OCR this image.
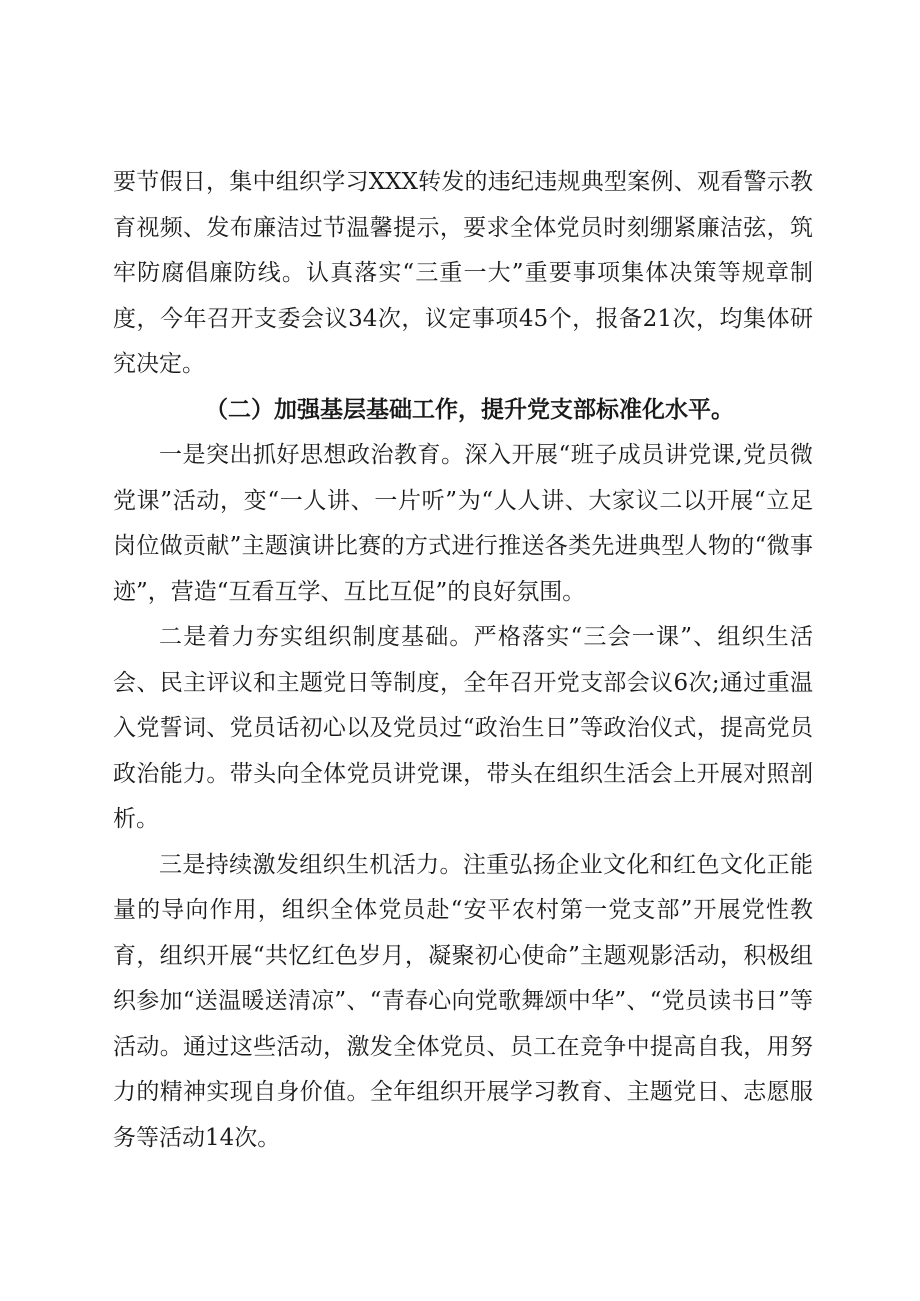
要节假日，集中组织学习XXX转发的违纪违规典型案例、观看警示教育视频、发布廉洁过节温馨提示，要求全体党员时刻绷紧廉洁弦，筑牢防腐倡廉防线。认真落实“三重一大”重要事项集体决策等规章制度，今年召开支委会议34次，议定事项45个，报备21次，均集体研究决定。

（二）加强基层基础工作，提升党支部标准化水平。

一是突出抓好思想政治教育。深入开展“班子成员讲党课,党员微党课”活动，变“一人讲、一片听”为“人人讲、大家议二以开展“立足岗位做贡献”主题演讲比赛的方式进行推送各类先进典型人物的“微事迹”，营造“互看互学、互比互促”的良好氛围。

二是着力夯实组织制度基础。严格落实“三会一课”、组织生活会、民主评议和主题党日等制度，全年召开党支部会议6次;通过重温入党誓词、党员话初心以及党员过“政治生日”等政治仪式，提高党员政治能力。带头向全体党员讲党课，带头在组织生活会上开展对照剖析。

三是持续激发组织生机活力。注重弘扬企业文化和红色文化正能量的导向作用，组织全体党员赴“安平农村第一党支部”开展党性教育，组织开展“共忆红色岁月，凝聚初心使命”主题观影活动，积极组织参加“送温暖送清凉”、“青春心向党歌舞颂中华”、“党员读书日”等活动。通过这些活动，激发全体党员、员工在竞争中提高自我，用努力的精神实现自身价值。全年组织开展学习教育、主题党日、志愿服务等活动14次。
